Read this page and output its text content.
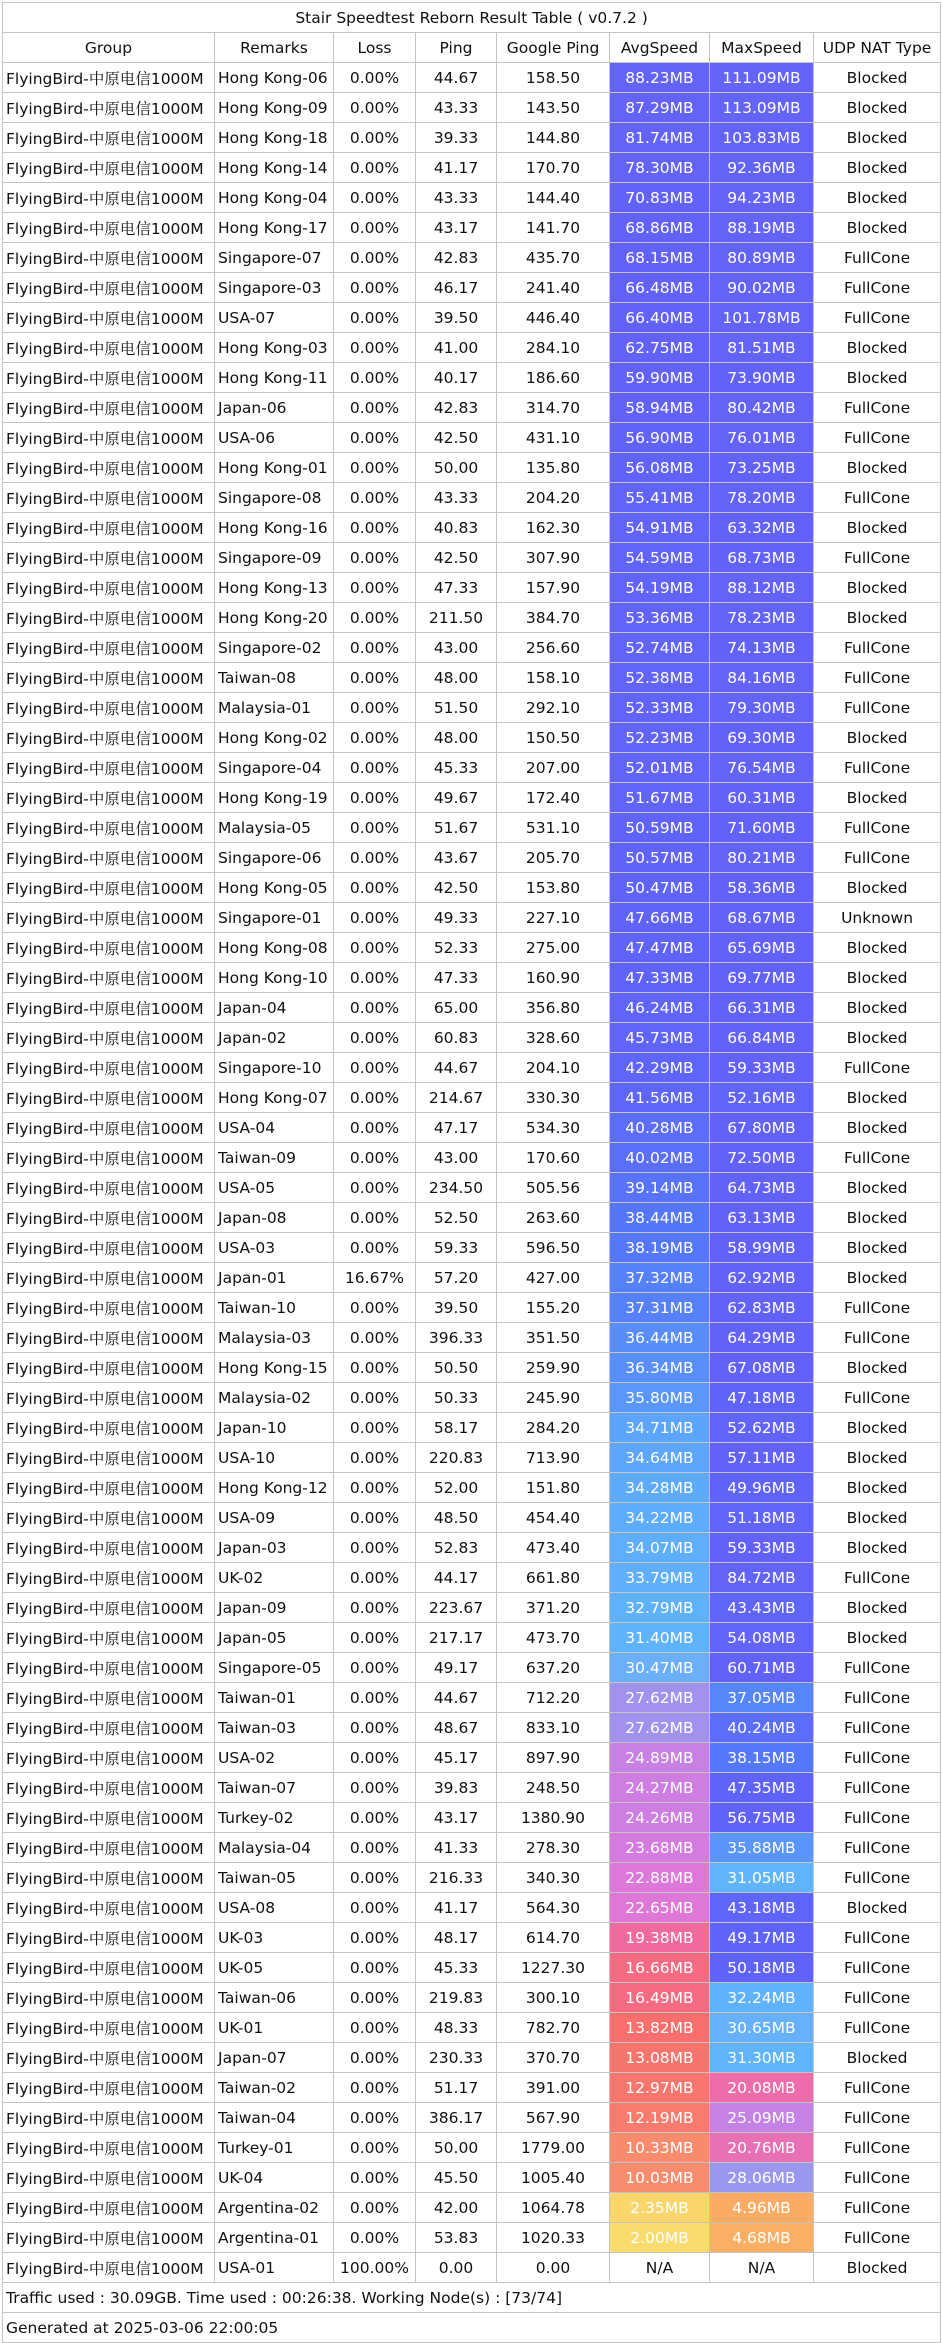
Stair Speedtest Reborn Result Table ( v0.7.2 )							
Group	Remarks	Loss	Ping	Google Ping	AvgSpeed	MaxSpeed	UDP NAT Type
FlyingBird-中原电信1000M	Hong Kong-06	0.00%	44.67	158.50	88.23MB	111.09MB	Blocked
FlyingBird-中原电信1000M	Hong Kong-09	0.00%	43.33	143.50	87.29MB	113.09MB	Blocked
FlyingBird-中原电信1000M	Hong Kong-18	0.00%	39.33	144.80	81.74MB	103.83MB	Blocked
FlyingBird-中原电信1000M	Hong Kong-14	0.00%	41.17	170.70	78.30MB	92.36MB	Blocked
FlyingBird-中原电信1000M	Hong Kong-04	0.00%	43.33	144.40	70.83MB	94.23MB	Blocked
FlyingBird-中原电信1000M	Hong Kong-17	0.00%	43.17	141.70	68.86MB	88.19MB	Blocked
FlyingBird-中原电信1000M	Singapore-07	0.00%	42.83	435.70	68.15MB	80.89MB	FullCone
FlyingBird-中原电信1000M	Singapore-03	0.00%	46.17	241.40	66.48MB	90.02MB	FullCone
FlyingBird-中原电信1000M	USA-07	0.00%	39.50	446.40	66.40MB	101.78MB	FullCone
FlyingBird-中原电信1000M	Hong Kong-03	0.00%	41.00	284.10	62.75MB	81.51MB	Blocked
FlyingBird-中原电信1000M	Hong Kong-11	0.00%	40.17	186.60	59.90MB	73.90MB	Blocked
FlyingBird-中原电信1000M	Japan-06	0.00%	42.83	314.70	58.94MB	80.42MB	FullCone
FlyingBird-中原电信1000M	USA-06	0.00%	42.50	431.10	56.90MB	76.01MB	FullCone
FlyingBird-中原电信1000M	Hong Kong-01	0.00%	50.00	135.80	56.08MB	73.25MB	Blocked
FlyingBird-中原电信1000M	Singapore-08	0.00%	43.33	204.20	55.41MB	78.20MB	FullCone
FlyingBird-中原电信1000M	Hong Kong-16	0.00%	40.83	162.30	54.91MB	63.32MB	Blocked
FlyingBird-中原电信1000M	Singapore-09	0.00%	42.50	307.90	54.59MB	68.73MB	FullCone
FlyingBird-中原电信1000M	Hong Kong-13	0.00%	47.33	157.90	54.19MB	88.12MB	Blocked
FlyingBird-中原电信1000M	Hong Kong-20	0.00%	211.50	384.70	53.36MB	78.23MB	Blocked
FlyingBird-中原电信1000M	Singapore-02	0.00%	43.00	256.60	52.74MB	74.13MB	FullCone
FlyingBird-中原电信1000M	Taiwan-08	0.00%	48.00	158.10	52.38MB	84.16MB	FullCone
FlyingBird-中原电信1000M	Malaysia-01	0.00%	51.50	292.10	52.33MB	79.30MB	FullCone
FlyingBird-中原电信1000M	Hong Kong-02	0.00%	48.00	150.50	52.23MB	69.30MB	Blocked
FlyingBird-中原电信1000M	Singapore-04	0.00%	45.33	207.00	52.01MB	76.54MB	FullCone
FlyingBird-中原电信1000M	Hong Kong-19	0.00%	49.67	172.40	51.67MB	60.31MB	Blocked
FlyingBird-中原电信1000M	Malaysia-05	0.00%	51.67	531.10	50.59MB	71.60MB	FullCone
FlyingBird-中原电信1000M	Singapore-06	0.00%	43.67	205.70	50.57MB	80.21MB	FullCone
FlyingBird-中原电信1000M	Hong Kong-05	0.00%	42.50	153.80	50.47MB	58.36MB	Blocked
FlyingBird-中原电信1000M	Singapore-01	0.00%	49.33	227.10	47.66MB	68.67MB	Unknown
FlyingBird-中原电信1000M	Hong Kong-08	0.00%	52.33	275.00	47.47MB	65.69MB	Blocked
FlyingBird-中原电信1000M	Hong Kong-10	0.00%	47.33	160.90	47.33MB	69.77MB	Blocked
FlyingBird-中原电信1000M	Japan-04	0.00%	65.00	356.80	46.24MB	66.31MB	Blocked
FlyingBird-中原电信1000M	Japan-02	0.00%	60.83	328.60	45.73MB	66.84MB	Blocked
FlyingBird-中原电信1000M	Singapore-10	0.00%	44.67	204.10	42.29MB	59.33MB	FullCone
FlyingBird-中原电信1000M	Hong Kong-07	0.00%	214.67	330.30	41.56MB	52.16MB	Blocked
FlyingBird-中原电信1000M	USA-04	0.00%	47.17	534.30	40.28MB	67.80MB	Blocked
FlyingBird-中原电信1000M	Taiwan-09	0.00%	43.00	170.60	40.02MB	72.50MB	FullCone
FlyingBird-中原电信1000M	USA-05	0.00%	234.50	505.56	39.14MB	64.73MB	Blocked
FlyingBird-中原电信1000M	Japan-08	0.00%	52.50	263.60	38.44MB	63.13MB	Blocked
FlyingBird-中原电信1000M	USA-03	0.00%	59.33	596.50	38.19MB	58.99MB	Blocked
FlyingBird-中原电信1000M	Japan-01	16.67%	57.20	427.00	37.32MB	62.92MB	Blocked
FlyingBird-中原电信1000M	Taiwan-10	0.00%	39.50	155.20	37.31MB	62.83MB	FullCone
FlyingBird-中原电信1000M	Malaysia-03	0.00%	396.33	351.50	36.44MB	64.29MB	FullCone
FlyingBird-中原电信1000M	Hong Kong-15	0.00%	50.50	259.90	36.34MB	67.08MB	Blocked
FlyingBird-中原电信1000M	Malaysia-02	0.00%	50.33	245.90	35.80MB	47.18MB	FullCone
FlyingBird-中原电信1000M	Japan-10	0.00%	58.17	284.20	34.71MB	52.62MB	Blocked
FlyingBird-中原电信1000M	USA-10	0.00%	220.83	713.90	34.64MB	57.11MB	Blocked
FlyingBird-中原电信1000M	Hong Kong-12	0.00%	52.00	151.80	34.28MB	49.96MB	Blocked
FlyingBird-中原电信1000M	USA-09	0.00%	48.50	454.40	34.22MB	51.18MB	Blocked
FlyingBird-中原电信1000M	Japan-03	0.00%	52.83	473.40	34.07MB	59.33MB	Blocked
FlyingBird-中原电信1000M	UK-02	0.00%	44.17	661.80	33.79MB	84.72MB	FullCone
FlyingBird-中原电信1000M	Japan-09	0.00%	223.67	371.20	32.79MB	43.43MB	Blocked
FlyingBird-中原电信1000M	Japan-05	0.00%	217.17	473.70	31.40MB	54.08MB	Blocked
FlyingBird-中原电信1000M	Singapore-05	0.00%	49.17	637.20	30.47MB	60.71MB	FullCone
FlyingBird-中原电信1000M	Taiwan-01	0.00%	44.67	712.20	27.62MB	37.05MB	FullCone
FlyingBird-中原电信1000M	Taiwan-03	0.00%	48.67	833.10	27.62MB	40.24MB	FullCone
FlyingBird-中原电信1000M	USA-02	0.00%	45.17	897.90	24.89MB	38.15MB	FullCone
FlyingBird-中原电信1000M	Taiwan-07	0.00%	39.83	248.50	24.27MB	47.35MB	FullCone
FlyingBird-中原电信1000M	Turkey-02	0.00%	43.17	1380.90	24.26MB	56.75MB	FullCone
FlyingBird-中原电信1000M	Malaysia-04	0.00%	41.33	278.30	23.68MB	35.88MB	FullCone
FlyingBird-中原电信1000M	Taiwan-05	0.00%	216.33	340.30	22.88MB	31.05MB	FullCone
FlyingBird-中原电信1000M	USA-08	0.00%	41.17	564.30	22.65MB	43.18MB	Blocked
FlyingBird-中原电信1000M	UK-03	0.00%	48.17	614.70	19.38MB	49.17MB	FullCone
FlyingBird-中原电信1000M	UK-05	0.00%	45.33	1227.30	16.66MB	50.18MB	FullCone
FlyingBird-中原电信1000M	Taiwan-06	0.00%	219.83	300.10	16.49MB	32.24MB	FullCone
FlyingBird-中原电信1000M	UK-01	0.00%	48.33	782.70	13.82MB	30.65MB	FullCone
FlyingBird-中原电信1000M	Japan-07	0.00%	230.33	370.70	13.08MB	31.30MB	Blocked
FlyingBird-中原电信1000M	Taiwan-02	0.00%	51.17	391.00	12.97MB	20.08MB	FullCone
FlyingBird-中原电信1000M	Taiwan-04	0.00%	386.17	567.90	12.19MB	25.09MB	FullCone
FlyingBird-中原电信1000M	Turkey-01	0.00%	50.00	1779.00	10.33MB	20.76MB	FullCone
FlyingBird-中原电信1000M	UK-04	0.00%	45.50	1005.40	10.03MB	28.06MB	FullCone
FlyingBird-中原电信1000M	Argentina-02	0.00%	42.00	1064.78	2.35MB	4.96MB	FullCone
FlyingBird-中原电信1000M	Argentina-01	0.00%	53.83	1020.33	2.00MB	4.68MB	FullCone
FlyingBird-中原电信1000M	USA-01	100.00%	0.00	0.00	N/A	N/A	Blocked
Traffic used : 30.09GB. Time used : 00:26:38. Working Node(s) : [73/74]							
Generated at 2025-03-06 22:00:05							
